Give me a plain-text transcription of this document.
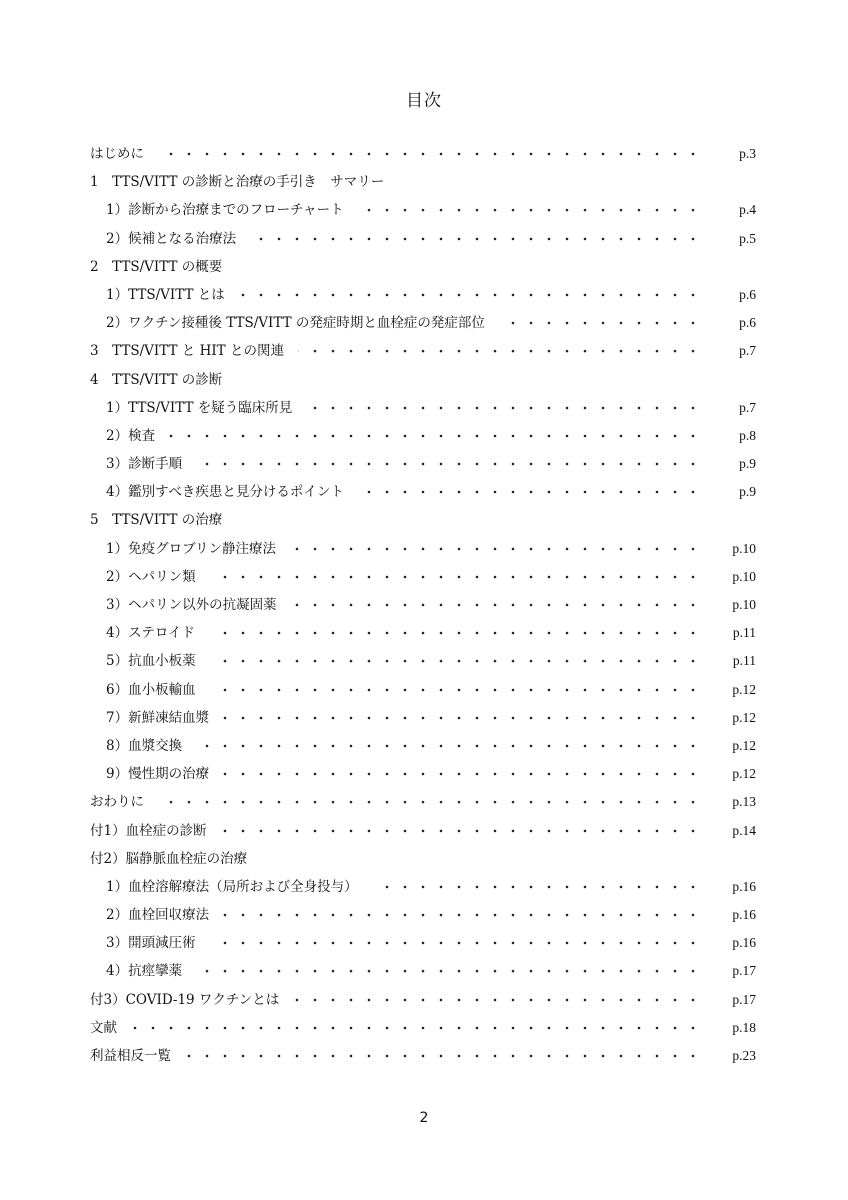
目次
はじめに	p.3
1　TTS/VITT の診断と治療の手引き　サマリー
1）診断から治療までのフローチャート	p.4
2）候補となる治療法	p.5
2　TTS/VITT の概要
1）TTS/VITT とは	p.6
2）ワクチン接種後 TTS/VITT の発症時期と血栓症の発症部位	p.6
3　TTS/VITT と HIT との関連	p.7
4　TTS/VITT の診断
1）TTS/VITT を疑う臨床所見	p.7
2）検査	p.8
3）診断手順	p.9
4）鑑別すべき疾患と見分けるポイント	p.9
5　TTS/VITT の治療
1）免疫グロブリン静注療法	p.10
2）ヘパリン類	p.10
3）ヘパリン以外の抗凝固薬	p.10
4）ステロイド	p.11
5）抗血小板薬	p.11
6）血小板輸血	p.12
7）新鮮凍結血漿	p.12
8）血漿交換	p.12
9）慢性期の治療	p.12
おわりに	p.13
付1）血栓症の診断	p.14
付2）脳静脈血栓症の治療
1）血栓溶解療法（局所および全身投与）	p.16
2）血栓回収療法	p.16
3）開頭減圧術	p.16
4）抗痙攣薬	p.17
付3）COVID-19 ワクチンとは	p.17
文献	p.18
利益相反一覧	p.23
2
